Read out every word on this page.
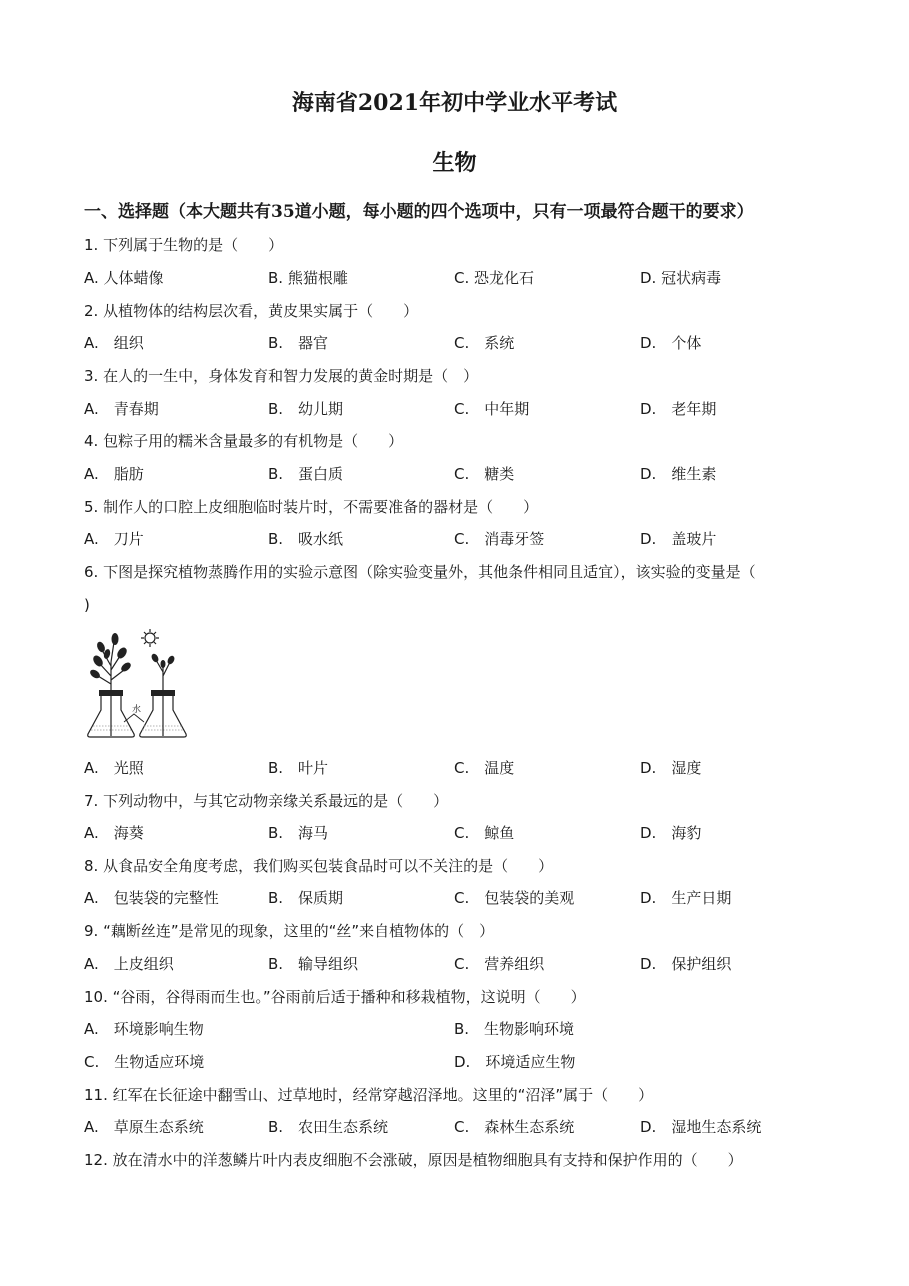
海南省2021年初中学业水平考试
生物
一、选择题（本大题共有35道小题，每小题的四个选项中，只有一项最符合题干的要求）
1. 下列属于生物的是（　　）
A. 人体蜡像	B. 熊猫根雕	C. 恐龙化石	D. 冠状病毒
2. 从植物体的结构层次看，黄皮果实属于（　　）
A.　组织	B.　器官	C.　系统	D.　个体
3. 在人的一生中，身体发育和智力发展的黄金时期是（　）
A.　青春期	B.　幼儿期	C.　中年期	D.　老年期
4. 包粽子用的糯米含量最多的有机物是（　　）
A.　脂肪	B.　蛋白质	C.　糖类	D.　维生素
5. 制作人的口腔上皮细胞临时装片时，不需要准备的器材是（　　）
A.　刀片	B.　吸水纸	C.　消毒牙签	D.　盖玻片
6. 下图是探究植物蒸腾作用的实验示意图（除实验变量外，其他条件相同且适宜），该实验的变量是（
)
水
A.　光照	B.　叶片	C.　温度	D.　湿度
7. 下列动物中，与其它动物亲缘关系最远的是（　　）
A.　海葵	B.　海马	C.　鲸鱼	D.　海豹
8. 从食品安全角度考虑，我们购买包装食品时可以不关注的是（　　）
A.　包装袋的完整性	B.　保质期	C.　包装袋的美观	D.　生产日期
9. “藕断丝连”是常见的现象，这里的“丝”来自植物体的（　）
A.　上皮组织	B.　输导组织	C.　营养组织	D.　保护组织
10. “谷雨，谷得雨而生也。”谷雨前后适于播种和移栽植物，这说明（　　）
A.　环境影响生物	B.　生物影响环境
C.　生物适应环境	D.　环境适应生物
11. 红军在长征途中翻雪山、过草地时，经常穿越沼泽地。这里的“沼泽”属于（　　）
A.　草原生态系统	B.　农田生态系统	C.　森林生态系统	D.　湿地生态系统
12. 放在清水中的洋葱鳞片叶内表皮细胞不会涨破，原因是植物细胞具有支持和保护作用的（　　）
